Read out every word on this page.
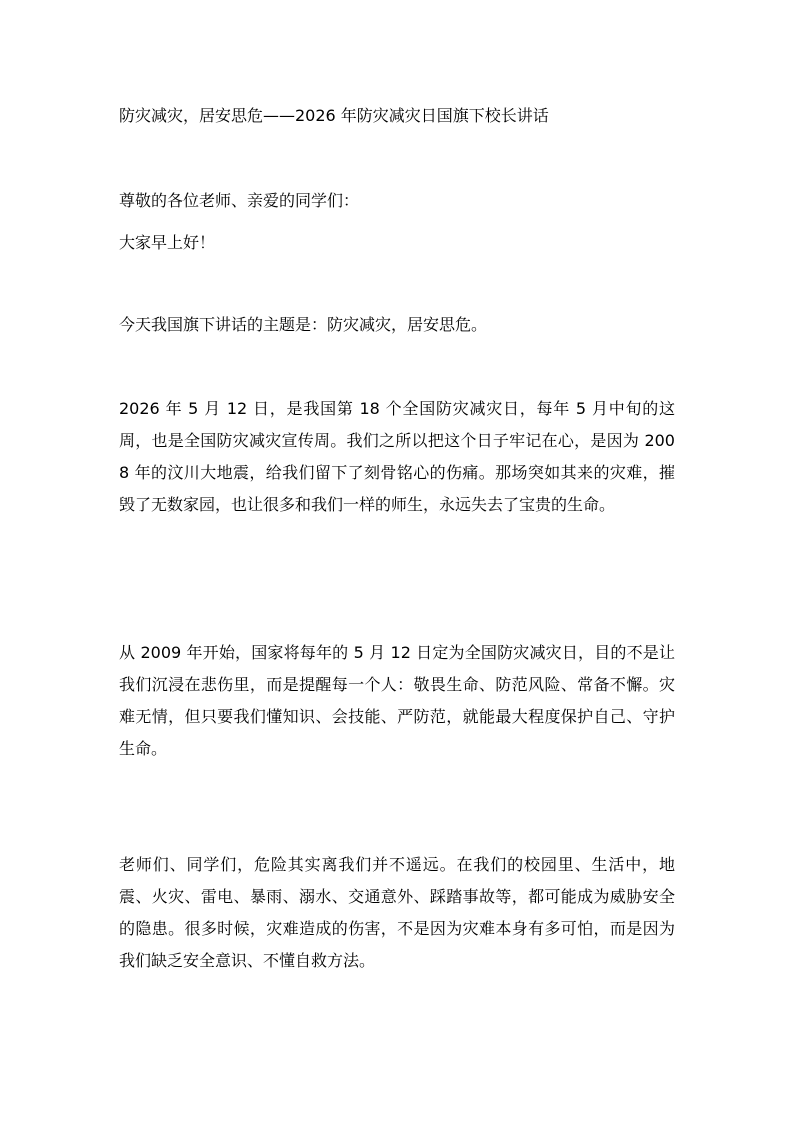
防灾减灾，居安思危——2026 年防灾减灾日国旗下校长讲话
尊敬的各位老师、亲爱的同学们：
大家早上好！
今天我国旗下讲话的主题是：防灾减灾，居安思危。
2026 年 5 月 12 日，是我国第 18 个全国防灾减灾日，每年 5 月中旬的这周，也是全国防灾减灾宣传周。我们之所以把这个日子牢记在心，是因为 2008 年的汶川大地震，给我们留下了刻骨铭心的伤痛。那场突如其来的灾难，摧毁了无数家园，也让很多和我们一样的师生，永远失去了宝贵的生命。
从 2009 年开始，国家将每年的 5 月 12 日定为全国防灾减灾日，目的不是让我们沉浸在悲伤里，而是提醒每一个人：敬畏生命、防范风险、常备不懈。灾难无情，但只要我们懂知识、会技能、严防范，就能最大程度保护自己、守护生命。
老师们、同学们，危险其实离我们并不遥远。在我们的校园里、生活中，地震、火灾、雷电、暴雨、溺水、交通意外、踩踏事故等，都可能成为威胁安全的隐患。很多时候，灾难造成的伤害，不是因为灾难本身有多可怕，而是因为我们缺乏安全意识、不懂自救方法。
